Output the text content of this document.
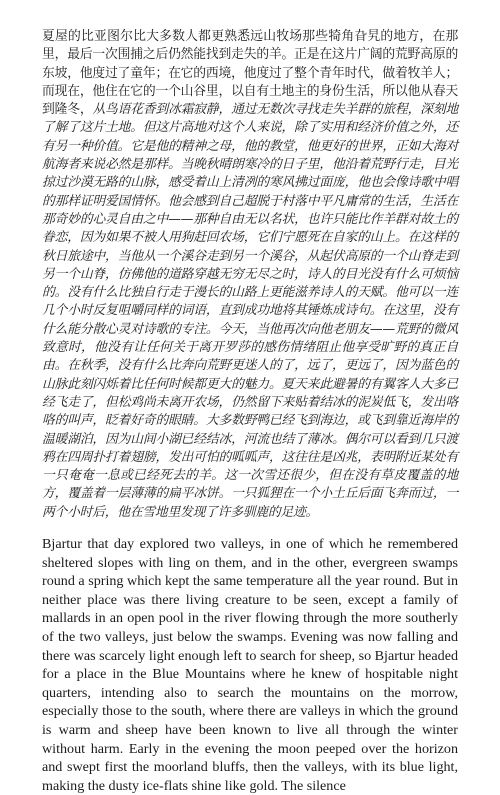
夏屋的比亚图尔比大多数人都更熟悉远山牧场那些犄角旮旯的地方，在那里，最后一次围捕之后仍然能找到走失的羊。正是在这片广阔的荒野高原的东坡，他度过了童年；在它的西境，他度过了整个青年时代，做着牧羊人；而现在，他住在它的一个山谷里，以自有土地主的身份生活，所以他从春天到隆冬，从鸟语花香到冰霜寂静，通过无数次寻找走失羊群的旅程，深刻地了解了这片土地。但这片高地对这个人来说，除了实用和经济价值之外，还有另一种价值。它是他的精神之母，他的教堂，他更好的世界，正如大海对航海者来说必然是那样。当晚秋晴朗寒冷的日子里，他沿着荒野行走，目光掠过沙漠无路的山脉，感受着山上清冽的寒风拂过面庞，他也会像诗歌中唱的那样证明爱国情怀。他会感到自己超脱于村落中平凡庸常的生活，生活在那奇妙的心灵自由之中——那种自由无以名状，也许只能比作羊群对故土的眷恋，因为如果不被人用狗赶回农场，它们宁愿死在自家的山上。在这样的秋日旅途中，当他从一个溪谷走到另一个溪谷，从起伏高原的一个山脊走到另一个山脊，仿佛他的道路穿越无穷无尽之时，诗人的目光没有什么可烦恼的。没有什么比独自行走于漫长的山路上更能滋养诗人的天赋。他可以一连几个小时反复咀嚼同样的词语，直到成功地将其锤炼成诗句。在这里，没有什么能分散心灵对诗歌的专注。今天，当他再次向他老朋友——荒野的微风致意时，他没有让任何关于离开罗莎的感伤情绪阻止他享受旷野的真正自由。在秋季，没有什么比奔向荒野更迷人的了，远了，更远了，因为蓝色的山脉此刻闪烁着比任何时候都更大的魅力。夏天来此避暑的有翼客人大多已经飞走了，但松鸡尚未离开农场，仍然留下来贴着结冰的泥炭低飞，发出咯咯的叫声，眨着好奇的眼睛。大多数野鸭已经飞到海边，或飞到靠近海岸的温暖湖泊，因为山间小湖已经结冰，河流也结了薄冰。偶尔可以看到几只渡鸦在四周扑打着翅膀，发出可怕的呱呱声，这往往是凶兆，表明附近某处有一只奄奄一息或已经死去的羊。这一次雪还很少，但在没有草皮覆盖的地方，覆盖着一层薄薄的扁平冰饼。一只狐狸在一个小土丘后面飞奔而过，一两个小时后，他在雪地里发现了许多驯鹿的足迹。

Bjartur that day explored two valleys, in one of which he remembered sheltered slopes with ling on them, and in the other, evergreen swamps round a spring which kept the same temperature all the year round. But in neither place was there living creature to be seen, except a family of mallards in an open pool in the river flowing through the more southerly of the two valleys, just below the swamps. Evening was now falling and there was scarcely light enough left to search for sheep, so Bjartur headed for a place in the Blue Mountains where he knew of hospitable night quarters, intending also to search the mountains on the morrow, especially those to the south, where there are valleys in which the ground is warm and sheep have been known to live all through the winter without harm. Early in the evening the moon peeped over the horizon and swept first the moorland bluffs, then the valleys, with its blue light, making the dusty ice-flats shine like gold. The silence
